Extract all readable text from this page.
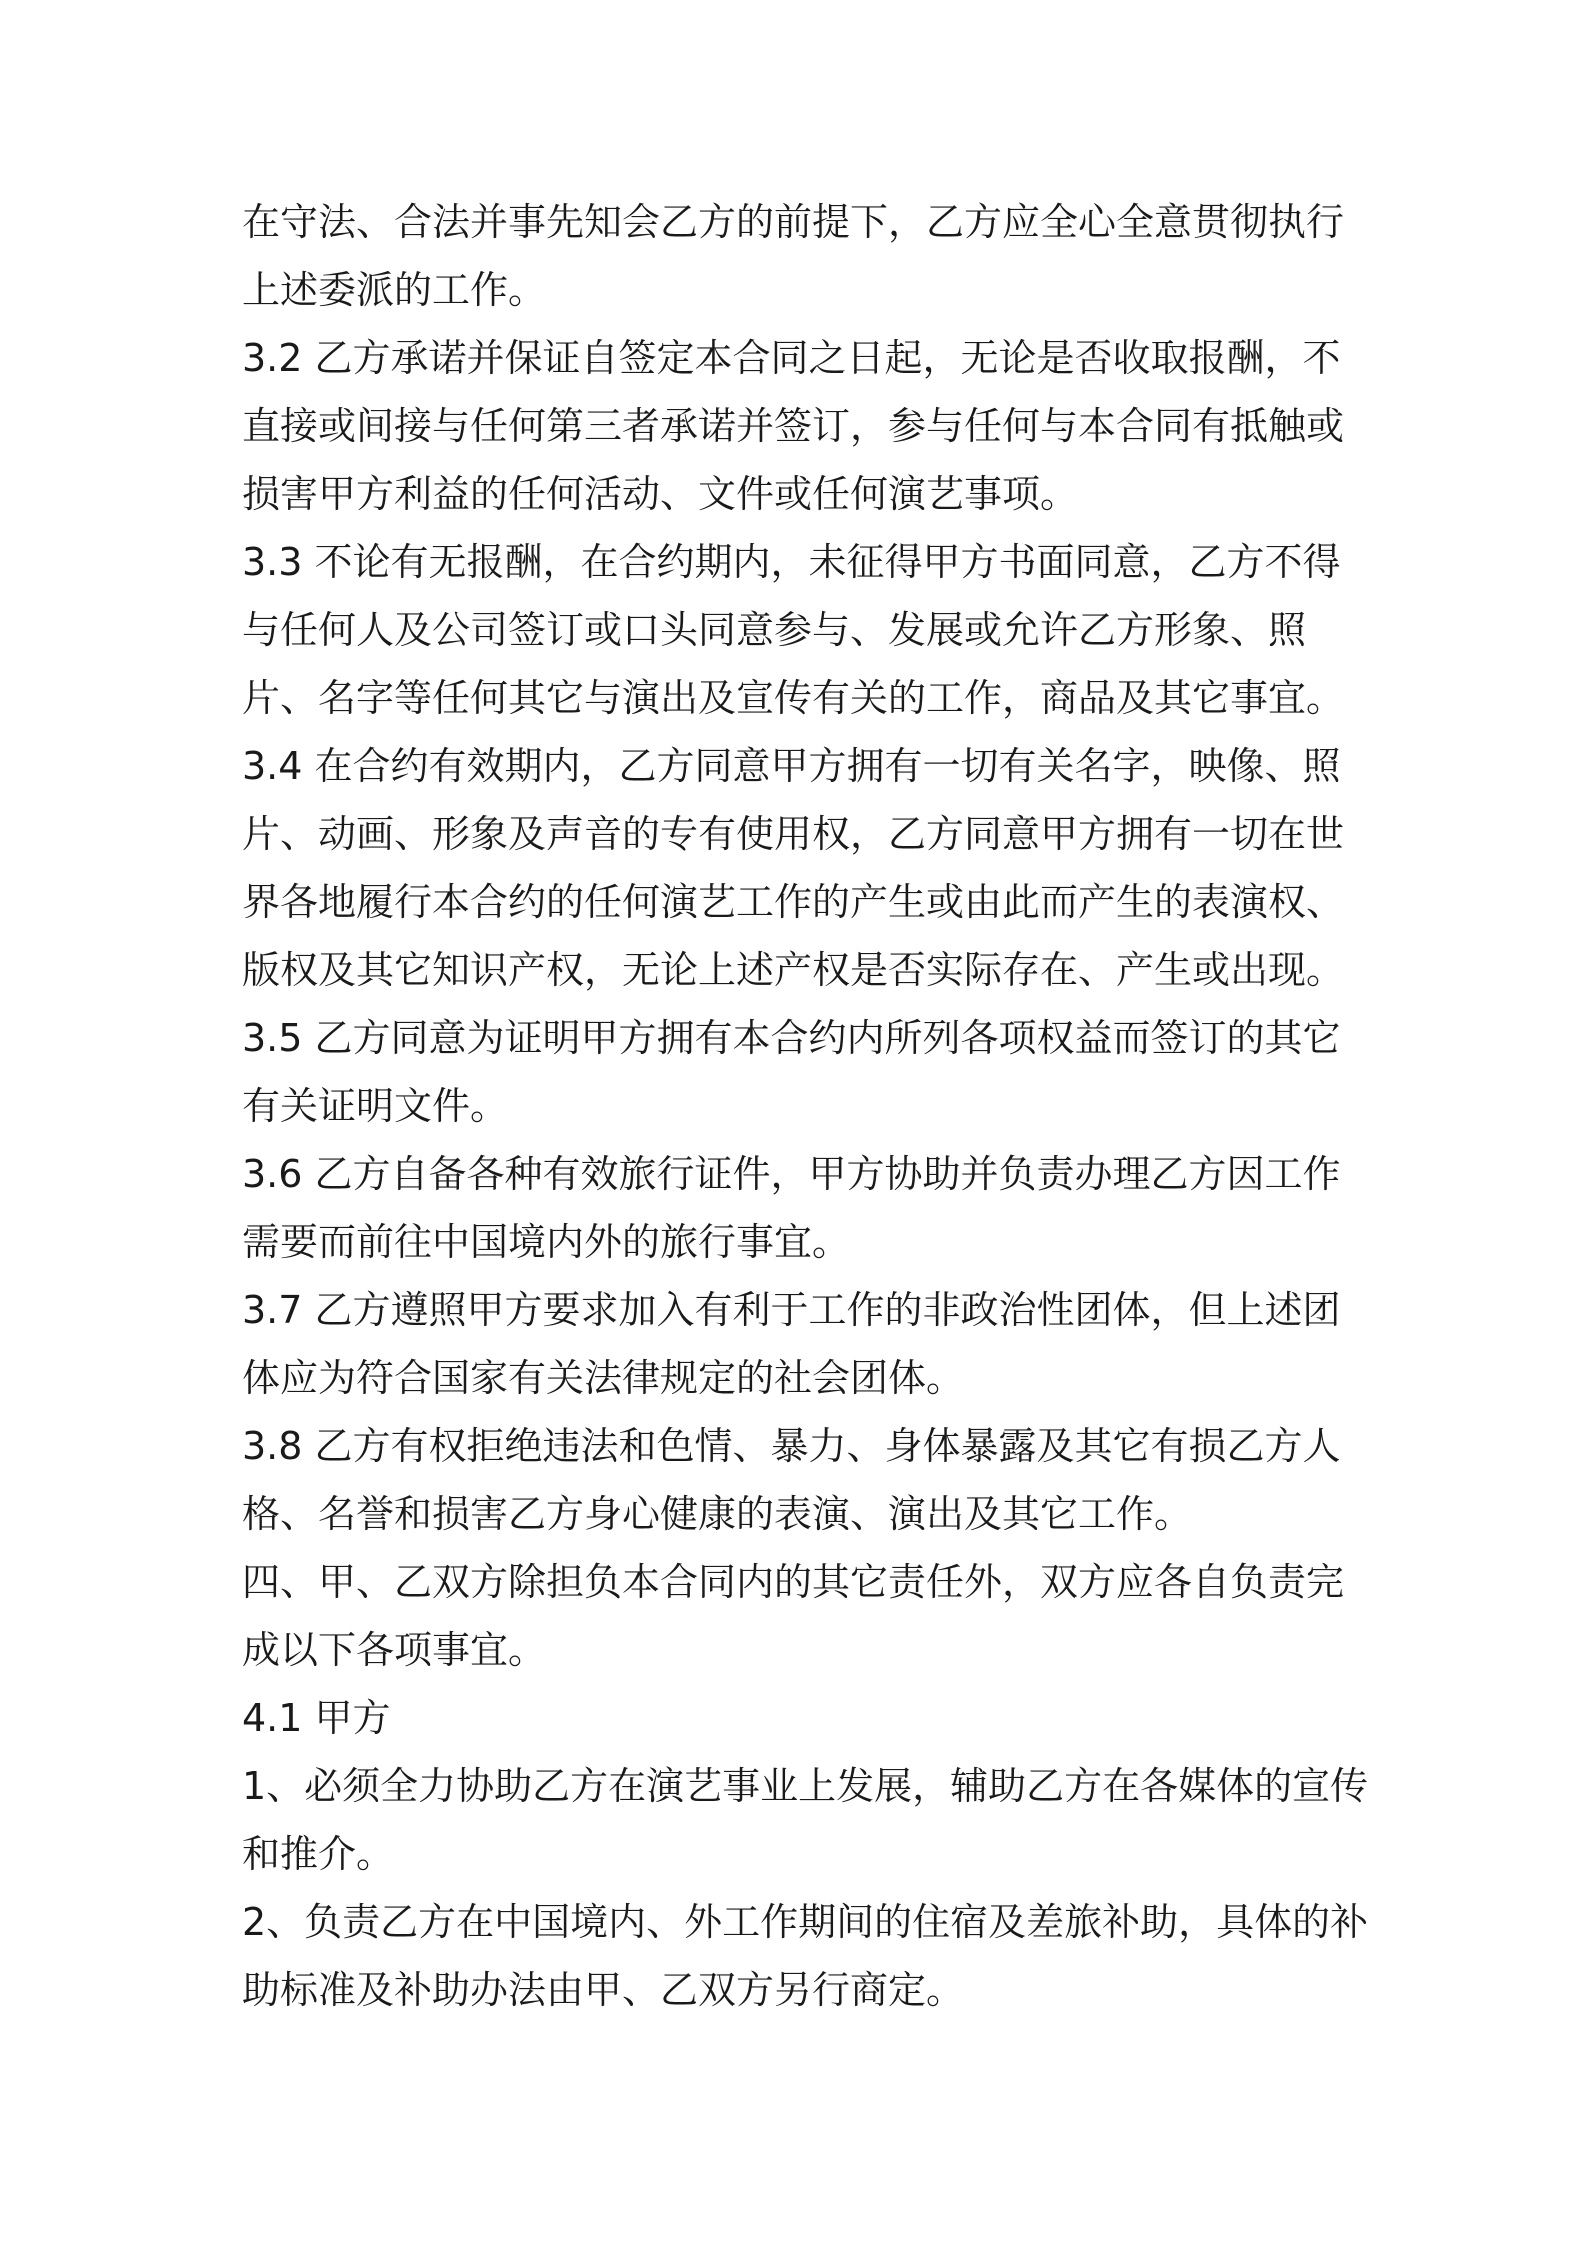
在守法、合法并事先知会乙方的前提下，乙方应全心全意贯彻执行
上述委派的工作。
3.2 乙方承诺并保证自签定本合同之日起，无论是否收取报酬，不
直接或间接与任何第三者承诺并签订，参与任何与本合同有抵触或
损害甲方利益的任何活动、文件或任何演艺事项。
3.3 不论有无报酬，在合约期内，未征得甲方书面同意，乙方不得
与任何人及公司签订或口头同意参与、发展或允许乙方形象、照
片、名字等任何其它与演出及宣传有关的工作，商品及其它事宜。
3.4 在合约有效期内，乙方同意甲方拥有一切有关名字，映像、照
片、动画、形象及声音的专有使用权，乙方同意甲方拥有一切在世
界各地履行本合约的任何演艺工作的产生或由此而产生的表演权、
版权及其它知识产权，无论上述产权是否实际存在、产生或出现。
3.5 乙方同意为证明甲方拥有本合约内所列各项权益而签订的其它
有关证明文件。
3.6 乙方自备各种有效旅行证件，甲方协助并负责办理乙方因工作
需要而前往中国境内外的旅行事宜。
3.7 乙方遵照甲方要求加入有利于工作的非政治性团体，但上述团
体应为符合国家有关法律规定的社会团体。
3.8 乙方有权拒绝违法和色情、暴力、身体暴露及其它有损乙方人
格、名誉和损害乙方身心健康的表演、演出及其它工作。
四、甲、乙双方除担负本合同内的其它责任外，双方应各自负责完
成以下各项事宜。
4.1 甲方
1、必须全力协助乙方在演艺事业上发展，辅助乙方在各媒体的宣传
和推介。
2、负责乙方在中国境内、外工作期间的住宿及差旅补助，具体的补
助标准及补助办法由甲、乙双方另行商定。
